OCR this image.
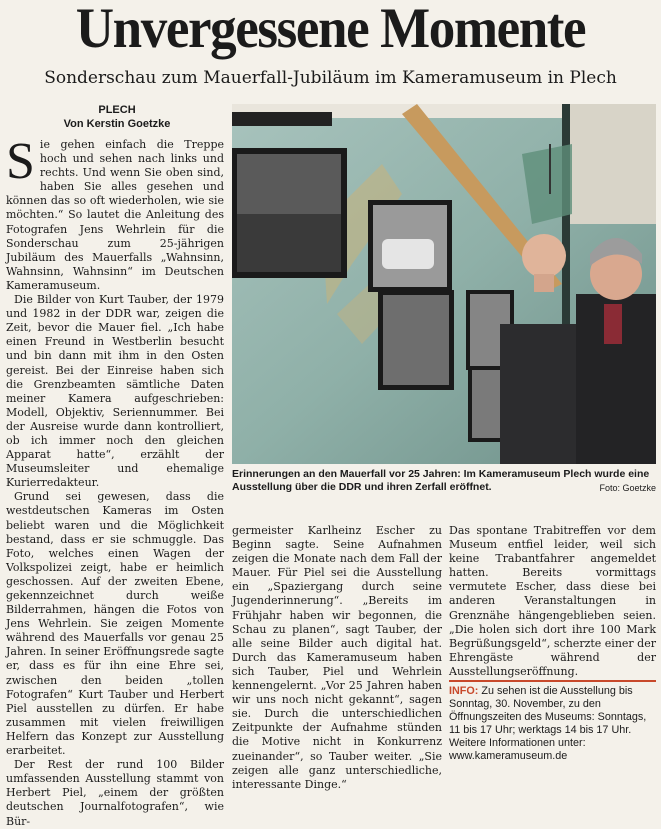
Unvergessene Momente
Sonderschau zum Mauerfall-Jubiläum im Kameramuseum in Plech
PLECH
Von Kerstin Goetzke
S ie gehen einfach die Treppe hoch und sehen nach links und rechts. Und wenn Sie oben sind, haben Sie alles gesehen und können das so oft wiederholen, wie sie möchten.“ So lautet die Anleitung des Fotografen Jens Wehrlein für die Sonderschau zum 25-jährigen Jubiläum des Mauerfalls „Wahnsinn, Wahnsinn, Wahnsinn“ im Deutschen Kameramuseum.

Die Bilder von Kurt Tauber, der 1979 und 1982 in der DDR war, zeigen die Zeit, bevor die Mauer fiel. „Ich habe einen Freund in Westberlin besucht und bin dann mit ihm in den Osten gereist. Bei der Einreise haben sich die Grenzbeamten sämtliche Daten meiner Kamera aufgeschrieben: Modell, Objektiv, Seriennummer. Bei der Ausreise wurde dann kontrolliert, ob ich immer noch den gleichen Apparat hatte“, erzählt der Museumsleiter und ehemalige Kurierredakteur.

Grund sei gewesen, dass die westdeutschen Kameras im Osten beliebt waren und die Möglichkeit bestand, dass er sie schmuggle. Das Foto, welches einen Wagen der Volkspolizei zeigt, habe er heimlich geschossen. Auf der zweiten Ebene, gekennzeichnet durch weiße Bilderrahmen, hängen die Fotos von Jens Wehrlein. Sie zeigen Momente während des Mauerfalls vor genau 25 Jahren. In seiner Eröffnungsrede sagte er, dass es für ihn eine Ehre sei, zwischen den beiden „tollen Fotografen“ Kurt Tauber und Herbert Piel ausstellen zu dürfen. Er habe zusammen mit vielen freiwilligen Helfern das Konzept zur Ausstellung erarbeitet.

Der Rest der rund 100 Bilder umfassenden Ausstellung stammt von Herbert Piel, „einem der größten deutschen Journalfotografen“, wie Bür-

Erinnerungen an den Mauerfall vor 25 Jahren: Im Kameramuseum Plech wurde eine Ausstellung über die DDR und ihren Zerfall eröffnet.	Foto: Goetzke

germeister Karlheinz Escher zu Beginn sagte. Seine Aufnahmen zeigen die Monate nach dem Fall der Mauer. Für Piel sei die Ausstellung ein „Spaziergang durch seine Jugenderinnerung“. „Bereits im Frühjahr haben wir begonnen, die Schau zu planen“, sagt Tauber, der alle seine Bilder auch digital hat. Durch das Kameramuseum haben sich Tauber, Piel und Wehrlein kennengelernt. „Vor 25 Jahren haben wir uns noch nicht gekannt“, sagen sie. Durch die unterschiedlichen Zeitpunkte der Aufnahme stünden die Motive nicht in Konkurrenz zueinander“, so Tauber weiter. „Sie zeigen alle ganz unterschiedliche, interessante Dinge.“

Das spontane Trabitreffen vor dem Museum entfiel leider, weil sich keine Trabantfahrer angemeldet hatten. Bereits vormittags vermutete Escher, dass diese bei anderen Veranstaltungen in Grenznähe hängengeblieben seien. „Die holen sich dort ihre 100 Mark Begrüßungsgeld“, scherzte einer der Ehrengäste während der Ausstellungseröffnung.

INFO: Zu sehen ist die Ausstellung bis Sonntag, 30. November, zu den Öffnungszeiten des Museums: Sonntags, 11 bis 17 Uhr; werktags 14 bis 17 Uhr. Weitere Informationen unter: www.kameramuseum.de
